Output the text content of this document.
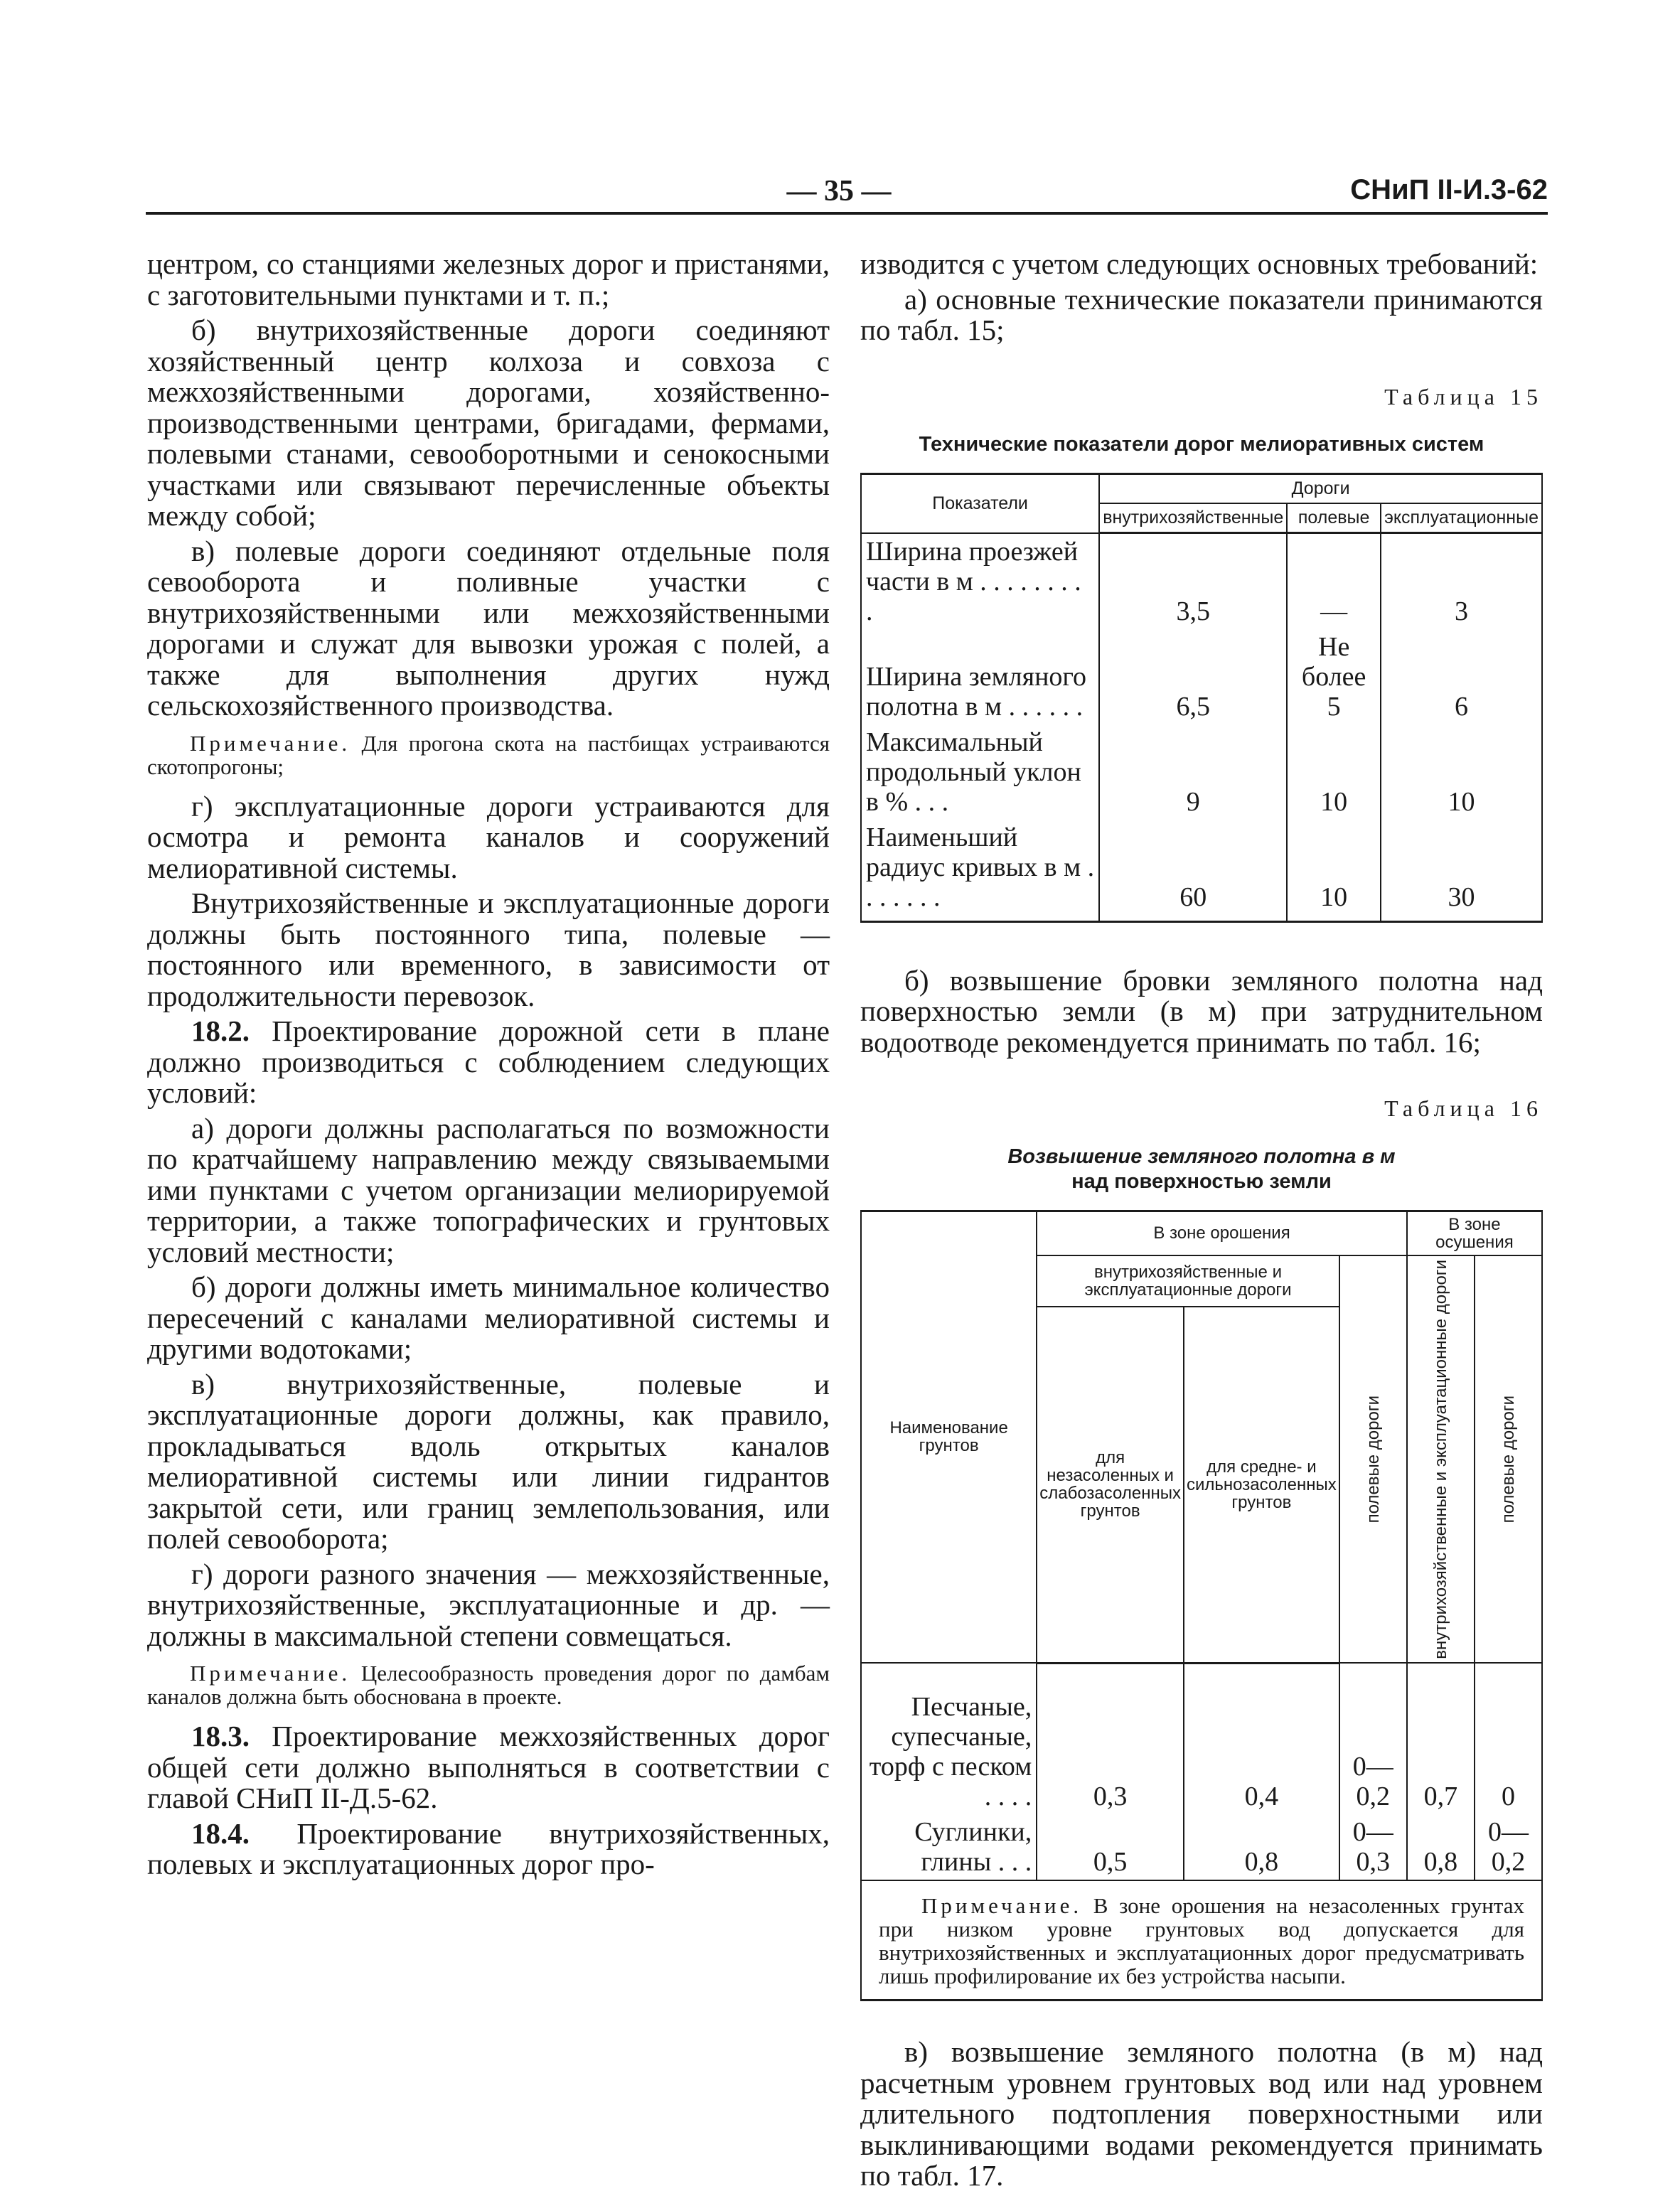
— 35 —	СНиП II-И.3-62

центром, со станциями железных дорог и пристанями, с заготовительными пунктами и т. п.;

б) внутрихозяйственные дороги соединяют хозяйственный центр колхоза и совхоза с межхозяйственными дорогами, хозяйственно-производственными центрами, бригадами, фермами, полевыми станами, севооборотными и сенокосными участками или связывают перечисленные объекты между собой;

в) полевые дороги соединяют отдельные поля севооборота и поливные участки с внутрихозяйственными или межхозяйственными дорогами и служат для вывозки урожая с полей, а также для выполнения других нужд сельскохозяйственного производства.

Примечание. Для прогона скота на пастбищах устраиваются скотопрогоны;

г) эксплуатационные дороги устраиваются для осмотра и ремонта каналов и сооружений мелиоративной системы.

Внутрихозяйственные и эксплуатационные дороги должны быть постоянного типа, полевые — постоянного или временного, в зависимости от продолжительности перевозок.

18.2. Проектирование дорожной сети в плане должно производиться с соблюдением следующих условий:

а) дороги должны располагаться по возможности по кратчайшему направлению между связываемыми ими пунктами с учетом организации мелиорируемой территории, а также топографических и грунтовых условий местности;

б) дороги должны иметь минимальное количество пересечений с каналами мелиоративной системы и другими водотоками;

в) внутрихозяйственные, полевые и эксплуатационные дороги должны, как правило, прокладываться вдоль открытых каналов мелиоративной системы или линии гидрантов закрытой сети, или границ землепользования, или полей севооборота;

г) дороги разного значения — межхозяйственные, внутрихозяйственные, эксплуатационные и др. — должны в максимальной степени совмещаться.

Примечание. Целесообразность проведения дорог по дамбам каналов должна быть обоснована в проекте.

18.3. Проектирование межхозяйственных дорог общей сети должно выполняться в соответствии с главой СНиП II-Д.5-62.

18.4. Проектирование внутрихозяйственных, полевых и эксплуатационных дорог про-

изводится с учетом следующих основных требований:

а) основные технические показатели принимаются по табл. 15;

Таблица 15
Технические показатели дорог мелиоративных систем
Показатели	Дороги		
	внутрихозяйственные	полевые	эксплуатационные
Ширина проезжей части в м . . . . . . . . .	3,5	—	3
Ширина земляного полотна в м . . . . . .	6,5	Не более 5	6
Максимальный продольный уклон в % . . .	9	10	10
Наименьший радиус кривых в м . . . . . . .	60	10	30

б) возвышение бровки земляного полотна над поверхностью земли (в м) при затруднительном водоотводе рекомендуется принимать по табл. 16;

Таблица 16
Возвышение земляного полотна в м
над поверхностью земли
Наименование грунтов	В зоне орошения			В зоне осушения	
	внутрихозяйственные и эксплуатационные дороги		полевые дороги	внутрихозяйственные и эксплуатационные дороги	полевые дороги

	для незасоленных и слабозасоленных грунтов	для средне- и сильнозасоленных грунтов			
Песчаные, супесчаные, торф с песком . . . .	0,3	0,4	0—0,2	0,7	0
Суглинки, глины . . .	0,5	0,8	0—0,3	0,8	0—0,2
Примечание. В зоне орошения на незасоленных грунтах при низком уровне грунтовых вод допускается для внутрихозяйственных и эксплуатационных дорог предусматривать лишь профилирование их без устройства насыпи.					

в) возвышение земляного полотна (в м) над расчетным уровнем грунтовых вод или над уровнем длительного подтопления поверхностными или выклинивающими водами рекомендуется принимать по табл. 17.
